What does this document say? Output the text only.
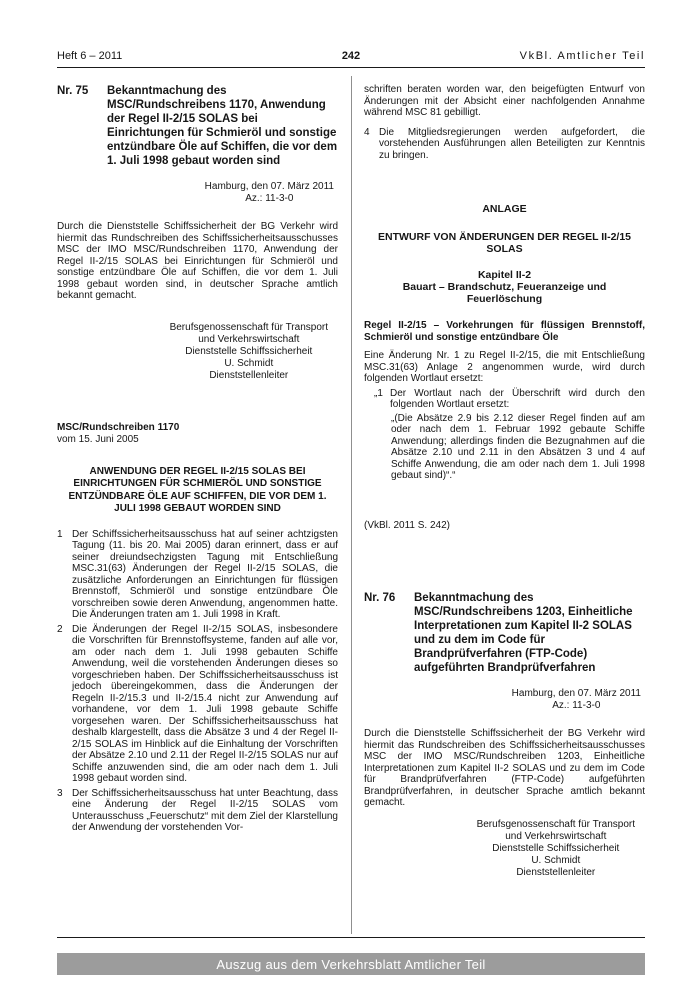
Heft 6 – 2011	242	VkBl. Amtlicher Teil
Nr. 75	Bekanntmachung des MSC/Rundschreibens 1170, Anwendung der Regel II-2/15 SOLAS bei Einrichtungen für Schmieröl und sonstige entzündbare Öle auf Schiffen, die vor dem 1. Juli 1998 gebaut worden sind
Hamburg, den 07. März 2011
Az.: 11-3-0

Durch die Dienststelle Schiffssicherheit der BG Verkehr wird hiermit das Rundschreiben des Schiffssicherheitsausschusses MSC der IMO MSC/Rundschreiben 1170, Anwendung der Regel II-2/15 SOLAS bei Einrichtungen für Schmieröl und sonstige entzündbare Öle auf Schiffen, die vor dem 1. Juli 1998 gebaut worden sind, in deutscher Sprache amtlich bekannt gemacht.

Berufsgenossenschaft für Transport
und Verkehrswirtschaft
Dienststelle Schiffssicherheit
U. Schmidt
Dienststellenleiter
MSC/Rundschreiben 1170
vom 15. Juni 2005
ANWENDUNG DER REGEL II-2/15 SOLAS BEI EINRICHTUNGEN FÜR SCHMIERÖL UND SONSTIGE ENTZÜNDBARE ÖLE AUF SCHIFFEN, DIE VOR DEM 1. JULI 1998 GEBAUT WORDEN SIND
1 Der Schiffssicherheitsausschuss hat auf seiner achtzigsten Tagung (11. bis 20. Mai 2005) daran erinnert, dass er auf seiner dreiundsechzigsten Tagung mit Entschließung MSC.31(63) Änderungen der Regel II-2/15 SOLAS, die zusätzliche Anforderungen an Einrichtungen für flüssigen Brennstoff, Schmieröl und sonstige entzündbare Öle vorschreiben sowie deren Anwendung, angenommen hatte. Die Änderungen traten am 1. Juli 1998 in Kraft.
2 Die Änderungen der Regel II-2/15 SOLAS, insbesondere die Vorschriften für Brennstoffsysteme, fanden auf alle vor, am oder nach dem 1. Juli 1998 gebauten Schiffe Anwendung, weil die vorstehenden Änderungen dieses so vorgeschrieben haben. Der Schiffssicherheitsausschuss ist jedoch übereingekommen, dass die Änderungen der Regeln II-2/15.3 und II-2/15.4 nicht zur Anwendung auf vorhandene, vor dem 1. Juli 1998 gebaute Schiffe vorgesehen waren. Der Schiffssicherheitsausschuss hat deshalb klargestellt, dass die Absätze 3 und 4 der Regel II-2/15 SOLAS im Hinblick auf die Einhaltung der Vorschriften der Absätze 2.10 und 2.11 der Regel II-2/15 SOLAS nur auf Schiffe anzuwenden sind, die am oder nach dem 1. Juli 1998 gebaut worden sind.
3 Der Schiffssicherheitsausschuss hat unter Beachtung, dass eine Änderung der Regel II-2/15 SOLAS vom Unterausschuss „Feuerschutz“ mit dem Ziel der Klarstellung der Anwendung der vorstehenden Vor-

schriften beraten worden war, den beigefügten Entwurf von Änderungen mit der Absicht einer nachfolgenden Annahme während MSC 81 gebilligt.

4 Die Mitgliedsregierungen werden aufgefordert, die vorstehenden Ausführungen allen Beteiligten zur Kenntnis zu bringen.
ANLAGE
ENTWURF VON ÄNDERUNGEN DER REGEL II-2/15 SOLAS
Kapitel II-2
Bauart – Brandschutz, Feueranzeige und Feuerlöschung
Regel II-2/15 – Vorkehrungen für flüssigen Brennstoff, Schmieröl und sonstige entzündbare Öle

Eine Änderung Nr. 1 zu Regel II-2/15, die mit Entschließung MSC.31(63) Anlage 2 angenommen wurde, wird durch folgenden Wortlaut ersetzt:

„1 Der Wortlaut nach der Überschrift wird durch den folgenden Wortlaut ersetzt:

„(Die Absätze 2.9 bis 2.12 dieser Regel finden auf am oder nach dem 1. Februar 1992 gebaute Schiffe Anwendung; allerdings finden die Bezugnahmen auf die Absätze 2.10 und 2.11 in den Absätzen 3 und 4 auf Schiffe Anwendung, die am oder nach dem 1. Juli 1998 gebaut sind)“.“

(VkBl. 2011 S. 242)
Nr. 76	Bekanntmachung des MSC/Rundschreibens 1203, Einheitliche Interpretationen zum Kapitel II-2 SOLAS und zu dem im Code für Brandprüfverfahren (FTP-Code) aufgeführten Brandprüfverfahren
Hamburg, den 07. März 2011
Az.: 11-3-0

Durch die Dienststelle Schiffssicherheit der BG Verkehr wird hiermit das Rundschreiben des Schiffssicherheitsausschusses MSC der IMO MSC/Rundschreiben 1203, Einheitliche Interpretationen zum Kapitel II-2 SOLAS und zu dem im Code für Brandprüfverfahren (FTP-Code) aufgeführten Brandprüfverfahren, in deutscher Sprache amtlich bekannt gemacht.

Berufsgenossenschaft für Transport
und Verkehrswirtschaft
Dienststelle Schiffssicherheit
U. Schmidt
Dienststellenleiter
Auszug aus dem Verkehrsblatt Amtlicher Teil
